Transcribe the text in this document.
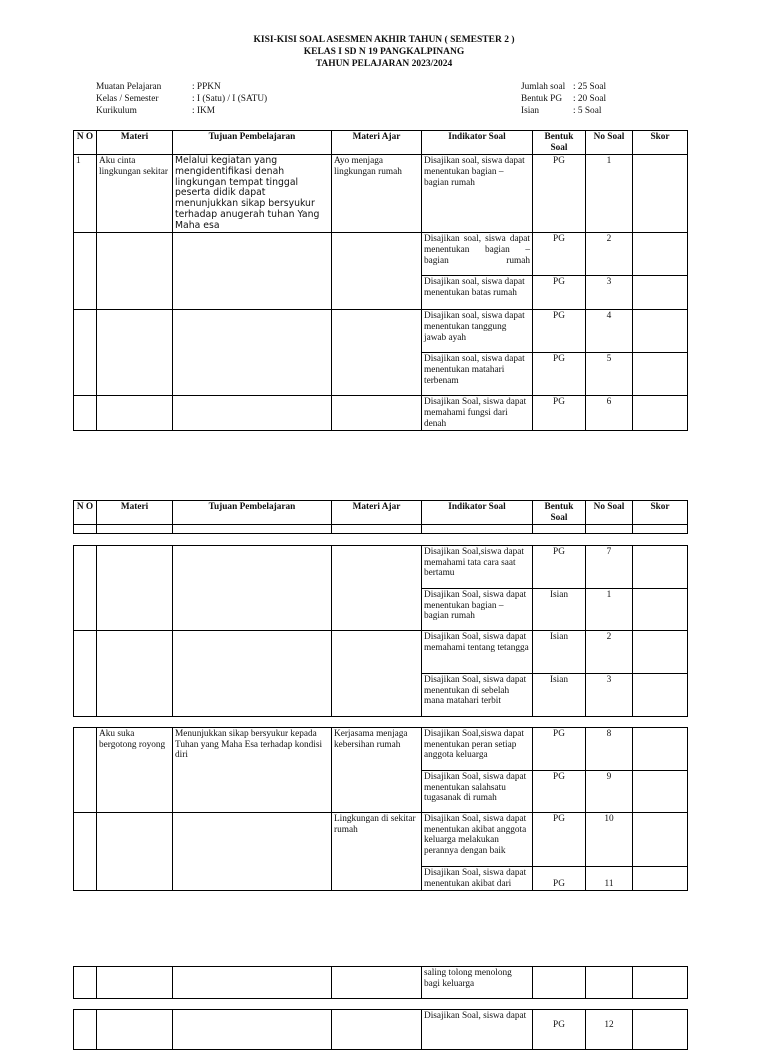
KISI-KISI SOAL ASESMEN AKHIR TAHUN ( SEMESTER 2 )
KELAS I SD N 19 PANGKALPINANG
TAHUN PELAJARAN 2023/2024
Muatan Pelajaran	: PPKN
Kelas / Semester	: I (Satu) / I (SATU)
Kurikulum	: IKM
Jumlah soal : 25 Soal
Bentuk PG : 20 Soal
Isian	: 5 Soal
N O	Materi	Tujuan Pembelajaran	Materi Ajar	Indikator Soal	Bentuk Soal	No Soal	Skor
1	Aku cinta lingkungan sekitar	Melalui kegiatan yang mengidentifikasi denah lingkungan tempat tinggal peserta didik dapat menunjukkan sikap bersyukur terhadap anugerah tuhan Yang Maha esa	Ayo menjaga lingkungan rumah	Disajikan soal, siswa dapat menentukan bagian – bagian rumah	PG	1	
				Disajikan soal, siswa dapat menentukan bagian – bagian rumah	PG	2	
				Disajikan soal, siswa dapat menentukan batas rumah	PG	3	
				Disajikan soal, siswa dapat menentukan tanggung jawab ayah	PG	4	
				Disajikan soal, siswa dapat menentukan matahari terbenam	PG	5	
				Disajikan Soal, siswa dapat memahami fungsi dari denah	PG	6	
N O	Materi	Tujuan Pembelajaran	Materi Ajar	Indikator Soal	Bentuk Soal	No Soal	Skor

				Disajikan Soal,siswa dapat memahami tata cara saat bertamu	PG	7	
				Disajikan Soal, siswa dapat menentukan bagian – bagian rumah	Isian	1	
				Disajikan Soal, siswa dapat memahami tentang tetangga	Isian	2	
				Disajikan Soal, siswa dapat menentukan di sebelah mana matahari terbit	Isian	3	
	Aku suka bergotong royong	Menunjukkan sikap bersyukur kepada Tuhan yang Maha Esa terhadap kondisi diri	Kerjasama menjaga kebersihan rumah	Disajikan Soal,siswa dapat menentukan peran setiap anggota keluarga	PG	8	
				Disajikan Soal, siswa dapat menentukan salahsatu tugasanak di rumah	PG	9	
			Lingkungan di sekitar rumah	Disajikan Soal, siswa dapat menentukan akibat anggota keluarga melakukan perannya dengan baik	PG	10	
				Disajikan Soal, siswa dapat menentukan akibat dari	PG	11	
				saling tolong menolong bagi keluarga			
				Disajikan Soal, siswa dapat	PG	12	
